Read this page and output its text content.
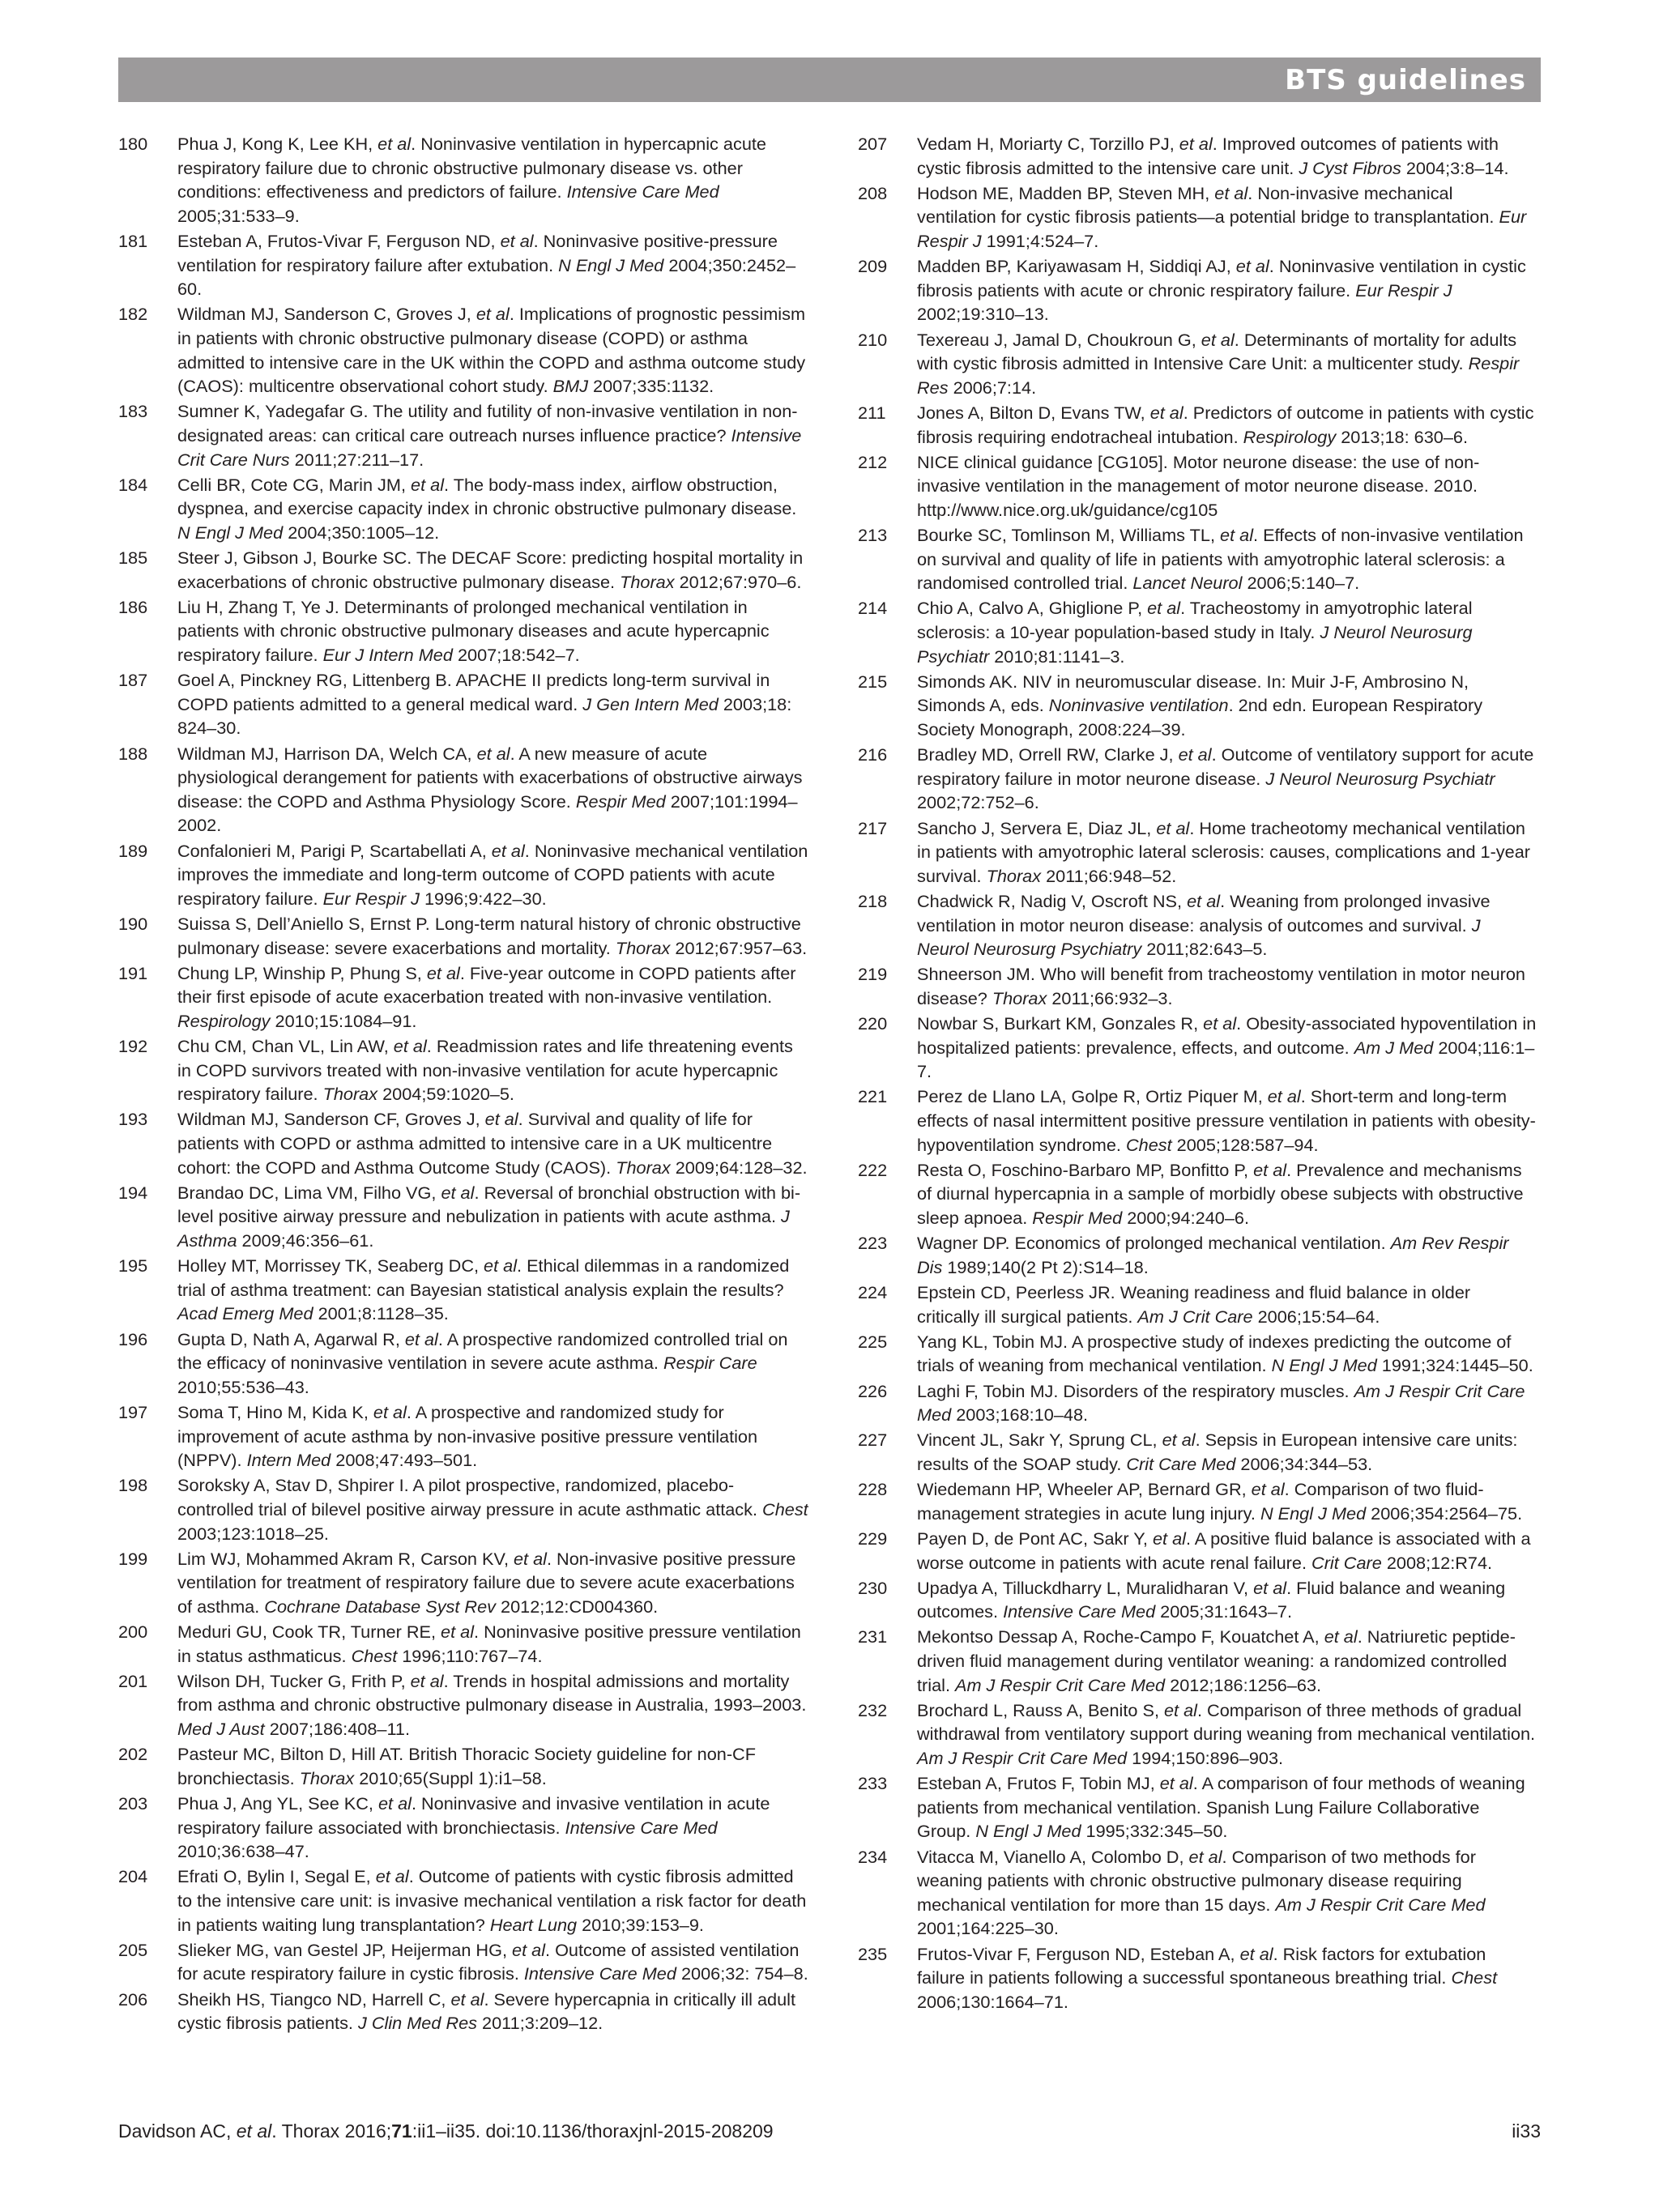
BTS guidelines
180	Phua J, Kong K, Lee KH, et al. Noninvasive ventilation in hypercapnic acute respiratory failure due to chronic obstructive pulmonary disease vs. other conditions: effectiveness and predictors of failure. Intensive Care Med 2005;31:533–9.
181	Esteban A, Frutos-Vivar F, Ferguson ND, et al. Noninvasive positive-pressure ventilation for respiratory failure after extubation. N Engl J Med 2004;350:2452–60.
182	Wildman MJ, Sanderson C, Groves J, et al. Implications of prognostic pessimism in patients with chronic obstructive pulmonary disease (COPD) or asthma admitted to intensive care in the UK within the COPD and asthma outcome study (CAOS): multicentre observational cohort study. BMJ 2007;335:1132.
183	Sumner K, Yadegafar G. The utility and futility of non-invasive ventilation in non-designated areas: can critical care outreach nurses influence practice? Intensive Crit Care Nurs 2011;27:211–17.
184	Celli BR, Cote CG, Marin JM, et al. The body-mass index, airflow obstruction, dyspnea, and exercise capacity index in chronic obstructive pulmonary disease. N Engl J Med 2004;350:1005–12.
185	Steer J, Gibson J, Bourke SC. The DECAF Score: predicting hospital mortality in exacerbations of chronic obstructive pulmonary disease. Thorax 2012;67:970–6.
186	Liu H, Zhang T, Ye J. Determinants of prolonged mechanical ventilation in patients with chronic obstructive pulmonary diseases and acute hypercapnic respiratory failure. Eur J Intern Med 2007;18:542–7.
187	Goel A, Pinckney RG, Littenberg B. APACHE II predicts long-term survival in COPD patients admitted to a general medical ward. J Gen Intern Med 2003;18: 824–30.
188	Wildman MJ, Harrison DA, Welch CA, et al. A new measure of acute physiological derangement for patients with exacerbations of obstructive airways disease: the COPD and Asthma Physiology Score. Respir Med 2007;101:1994–2002.
189	Confalonieri M, Parigi P, Scartabellati A, et al. Noninvasive mechanical ventilation improves the immediate and long-term outcome of COPD patients with acute respiratory failure. Eur Respir J 1996;9:422–30.
190	Suissa S, Dell’Aniello S, Ernst P. Long-term natural history of chronic obstructive pulmonary disease: severe exacerbations and mortality. Thorax 2012;67:957–63.
191	Chung LP, Winship P, Phung S, et al. Five-year outcome in COPD patients after their first episode of acute exacerbation treated with non-invasive ventilation. Respirology 2010;15:1084–91.
192	Chu CM, Chan VL, Lin AW, et al. Readmission rates and life threatening events in COPD survivors treated with non-invasive ventilation for acute hypercapnic respiratory failure. Thorax 2004;59:1020–5.
193	Wildman MJ, Sanderson CF, Groves J, et al. Survival and quality of life for patients with COPD or asthma admitted to intensive care in a UK multicentre cohort: the COPD and Asthma Outcome Study (CAOS). Thorax 2009;64:128–32.
194	Brandao DC, Lima VM, Filho VG, et al. Reversal of bronchial obstruction with bi-level positive airway pressure and nebulization in patients with acute asthma. J Asthma 2009;46:356–61.
195	Holley MT, Morrissey TK, Seaberg DC, et al. Ethical dilemmas in a randomized trial of asthma treatment: can Bayesian statistical analysis explain the results? Acad Emerg Med 2001;8:1128–35.
196	Gupta D, Nath A, Agarwal R, et al. A prospective randomized controlled trial on the efficacy of noninvasive ventilation in severe acute asthma. Respir Care 2010;55:536–43.
197	Soma T, Hino M, Kida K, et al. A prospective and randomized study for improvement of acute asthma by non-invasive positive pressure ventilation (NPPV). Intern Med 2008;47:493–501.
198	Soroksky A, Stav D, Shpirer I. A pilot prospective, randomized, placebo-controlled trial of bilevel positive airway pressure in acute asthmatic attack. Chest 2003;123:1018–25.
199	Lim WJ, Mohammed Akram R, Carson KV, et al. Non-invasive positive pressure ventilation for treatment of respiratory failure due to severe acute exacerbations of asthma. Cochrane Database Syst Rev 2012;12:CD004360.
200	Meduri GU, Cook TR, Turner RE, et al. Noninvasive positive pressure ventilation in status asthmaticus. Chest 1996;110:767–74.
201	Wilson DH, Tucker G, Frith P, et al. Trends in hospital admissions and mortality from asthma and chronic obstructive pulmonary disease in Australia, 1993–2003. Med J Aust 2007;186:408–11.
202	Pasteur MC, Bilton D, Hill AT. British Thoracic Society guideline for non-CF bronchiectasis. Thorax 2010;65(Suppl 1):i1–58.
203	Phua J, Ang YL, See KC, et al. Noninvasive and invasive ventilation in acute respiratory failure associated with bronchiectasis. Intensive Care Med 2010;36:638–47.
204	Efrati O, Bylin I, Segal E, et al. Outcome of patients with cystic fibrosis admitted to the intensive care unit: is invasive mechanical ventilation a risk factor for death in patients waiting lung transplantation? Heart Lung 2010;39:153–9.
205	Slieker MG, van Gestel JP, Heijerman HG, et al. Outcome of assisted ventilation for acute respiratory failure in cystic fibrosis. Intensive Care Med 2006;32: 754–8.
206	Sheikh HS, Tiangco ND, Harrell C, et al. Severe hypercapnia in critically ill adult cystic fibrosis patients. J Clin Med Res 2011;3:209–12.
207	Vedam H, Moriarty C, Torzillo PJ, et al. Improved outcomes of patients with cystic fibrosis admitted to the intensive care unit. J Cyst Fibros 2004;3:8–14.
208	Hodson ME, Madden BP, Steven MH, et al. Non-invasive mechanical ventilation for cystic fibrosis patients—a potential bridge to transplantation. Eur Respir J 1991;4:524–7.
209	Madden BP, Kariyawasam H, Siddiqi AJ, et al. Noninvasive ventilation in cystic fibrosis patients with acute or chronic respiratory failure. Eur Respir J 2002;19:310–13.
210	Texereau J, Jamal D, Choukroun G, et al. Determinants of mortality for adults with cystic fibrosis admitted in Intensive Care Unit: a multicenter study. Respir Res 2006;7:14.
211	Jones A, Bilton D, Evans TW, et al. Predictors of outcome in patients with cystic fibrosis requiring endotracheal intubation. Respirology 2013;18: 630–6.
212	NICE clinical guidance [CG105]. Motor neurone disease: the use of non-invasive ventilation in the management of motor neurone disease. 2010. http://www.nice.org.uk/guidance/cg105
213	Bourke SC, Tomlinson M, Williams TL, et al. Effects of non-invasive ventilation on survival and quality of life in patients with amyotrophic lateral sclerosis: a randomised controlled trial. Lancet Neurol 2006;5:140–7.
214	Chio A, Calvo A, Ghiglione P, et al. Tracheostomy in amyotrophic lateral sclerosis: a 10-year population-based study in Italy. J Neurol Neurosurg Psychiatr 2010;81:1141–3.
215	Simonds AK. NIV in neuromuscular disease. In: Muir J-F, Ambrosino N, Simonds A, eds. Noninvasive ventilation. 2nd edn. European Respiratory Society Monograph, 2008:224–39.
216	Bradley MD, Orrell RW, Clarke J, et al. Outcome of ventilatory support for acute respiratory failure in motor neurone disease. J Neurol Neurosurg Psychiatr 2002;72:752–6.
217	Sancho J, Servera E, Diaz JL, et al. Home tracheotomy mechanical ventilation in patients with amyotrophic lateral sclerosis: causes, complications and 1-year survival. Thorax 2011;66:948–52.
218	Chadwick R, Nadig V, Oscroft NS, et al. Weaning from prolonged invasive ventilation in motor neuron disease: analysis of outcomes and survival. J Neurol Neurosurg Psychiatry 2011;82:643–5.
219	Shneerson JM. Who will benefit from tracheostomy ventilation in motor neuron disease? Thorax 2011;66:932–3.
220	Nowbar S, Burkart KM, Gonzales R, et al. Obesity-associated hypoventilation in hospitalized patients: prevalence, effects, and outcome. Am J Med 2004;116:1–7.
221	Perez de Llano LA, Golpe R, Ortiz Piquer M, et al. Short-term and long-term effects of nasal intermittent positive pressure ventilation in patients with obesity-hypoventilation syndrome. Chest 2005;128:587–94.
222	Resta O, Foschino-Barbaro MP, Bonfitto P, et al. Prevalence and mechanisms of diurnal hypercapnia in a sample of morbidly obese subjects with obstructive sleep apnoea. Respir Med 2000;94:240–6.
223	Wagner DP. Economics of prolonged mechanical ventilation. Am Rev Respir Dis 1989;140(2 Pt 2):S14–18.
224	Epstein CD, Peerless JR. Weaning readiness and fluid balance in older critically ill surgical patients. Am J Crit Care 2006;15:54–64.
225	Yang KL, Tobin MJ. A prospective study of indexes predicting the outcome of trials of weaning from mechanical ventilation. N Engl J Med 1991;324:1445–50.
226	Laghi F, Tobin MJ. Disorders of the respiratory muscles. Am J Respir Crit Care Med 2003;168:10–48.
227	Vincent JL, Sakr Y, Sprung CL, et al. Sepsis in European intensive care units: results of the SOAP study. Crit Care Med 2006;34:344–53.
228	Wiedemann HP, Wheeler AP, Bernard GR, et al. Comparison of two fluid-management strategies in acute lung injury. N Engl J Med 2006;354:2564–75.
229	Payen D, de Pont AC, Sakr Y, et al. A positive fluid balance is associated with a worse outcome in patients with acute renal failure. Crit Care 2008;12:R74.
230	Upadya A, Tilluckdharry L, Muralidharan V, et al. Fluid balance and weaning outcomes. Intensive Care Med 2005;31:1643–7.
231	Mekontso Dessap A, Roche-Campo F, Kouatchet A, et al. Natriuretic peptide-driven fluid management during ventilator weaning: a randomized controlled trial. Am J Respir Crit Care Med 2012;186:1256–63.
232	Brochard L, Rauss A, Benito S, et al. Comparison of three methods of gradual withdrawal from ventilatory support during weaning from mechanical ventilation. Am J Respir Crit Care Med 1994;150:896–903.
233	Esteban A, Frutos F, Tobin MJ, et al. A comparison of four methods of weaning patients from mechanical ventilation. Spanish Lung Failure Collaborative Group. N Engl J Med 1995;332:345–50.
234	Vitacca M, Vianello A, Colombo D, et al. Comparison of two methods for weaning patients with chronic obstructive pulmonary disease requiring mechanical ventilation for more than 15 days. Am J Respir Crit Care Med 2001;164:225–30.
235	Frutos-Vivar F, Ferguson ND, Esteban A, et al. Risk factors for extubation failure in patients following a successful spontaneous breathing trial. Chest 2006;130:1664–71.
Davidson AC, et al. Thorax 2016;71:ii1–ii35. doi:10.1136/thoraxjnl-2015-208209	ii33
